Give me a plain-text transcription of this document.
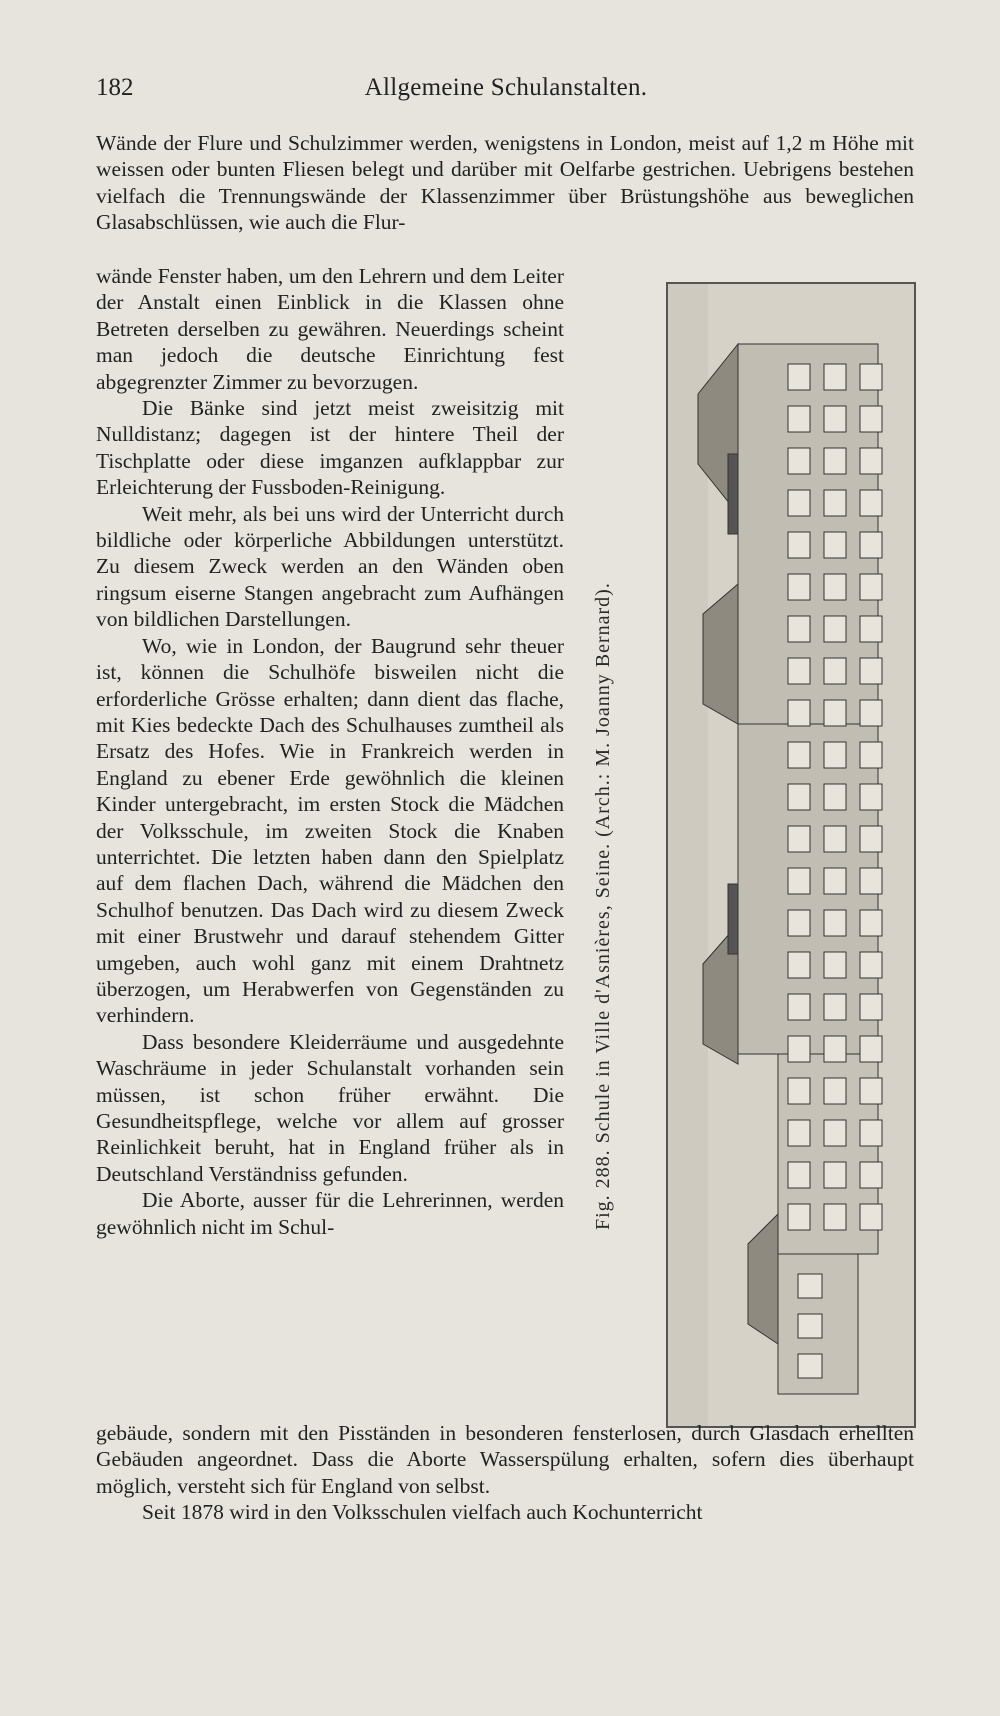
182	Allgemeine Schulanstalten.

Wände der Flure und Schulzimmer werden, wenigstens in London, meist auf 1,2 m Höhe mit weissen oder bunten Fliesen belegt und darüber mit Oelfarbe gestrichen. Uebrigens bestehen vielfach die Trennungswände der Klassenzimmer über Brüstungshöhe aus beweglichen Glasabschlüssen, wie auch die Flur-

wände Fenster haben, um den Lehrern und dem Leiter der Anstalt einen Einblick in die Klassen ohne Betreten derselben zu gewähren. Neuerdings scheint man jedoch die deutsche Einrichtung fest abgegrenzter Zimmer zu bevorzugen.

Die Bänke sind jetzt meist zweisitzig mit Nulldistanz; dagegen ist der hintere Theil der Tischplatte oder diese imganzen aufklappbar zur Erleichterung der Fussboden-Reinigung.

Weit mehr, als bei uns wird der Unterricht durch bildliche oder körperliche Abbildungen unterstützt. Zu diesem Zweck werden an den Wänden oben ringsum eiserne Stangen angebracht zum Aufhängen von bildlichen Darstellungen.

Wo, wie in London, der Baugrund sehr theuer ist, können die Schulhöfe bisweilen nicht die erforderliche Grösse erhalten; dann dient das flache, mit Kies bedeckte Dach des Schulhauses zumtheil als Ersatz des Hofes. Wie in Frankreich werden in England zu ebener Erde gewöhnlich die kleinen Kinder untergebracht, im ersten Stock die Mädchen der Volksschule, im zweiten Stock die Knaben unterrichtet. Die letzten haben dann den Spielplatz auf dem flachen Dach, während die Mädchen den Schulhof benutzen. Das Dach wird zu diesem Zweck mit einer Brustwehr und darauf stehendem Gitter umgeben, auch wohl ganz mit einem Drahtnetz überzogen, um Herabwerfen von Gegenständen zu verhindern.

Dass besondere Kleiderräume und ausgedehnte Waschräume in jeder Schulanstalt vorhanden sein müssen, ist schon früher erwähnt. Die Gesundheitspflege, welche vor allem auf grosser Reinlichkeit beruht, hat in England früher als in Deutschland Verständniss gefunden.

Die Aborte, ausser für die Lehrerinnen, werden gewöhnlich nicht im Schul-	Fig. 288. Schule in Ville d'Asnières, Seine. (Arch.: M. Joanny Bernard).

gebäude, sondern mit den Pisständen in besonderen fensterlosen, durch Glasdach erhellten Gebäuden angeordnet. Dass die Aborte Wasserspülung erhalten, sofern dies überhaupt möglich, versteht sich für England von selbst.

Seit 1878 wird in den Volksschulen vielfach auch Kochunterricht
